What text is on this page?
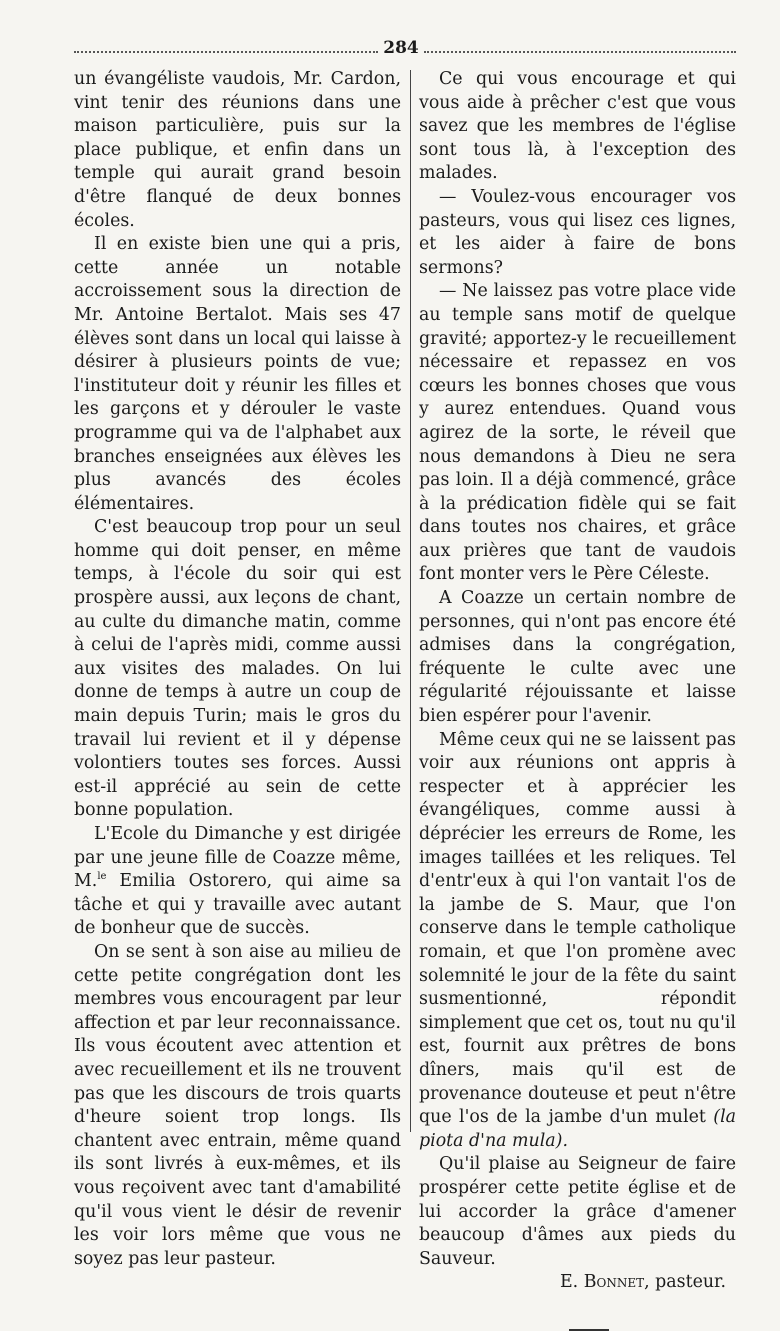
284

un évangéliste vaudois, Mr. Cardon, vint tenir des réunions dans une maison particulière, puis sur la place publique, et enfin dans un temple qui aurait grand besoin d'être flanqué de deux bonnes écoles.

Il en existe bien une qui a pris, cette année un notable accroissement sous la direction de Mr. Antoine Bertalot. Mais ses 47 élèves sont dans un local qui laisse à désirer à plusieurs points de vue; l'instituteur doit y réunir les filles et les garçons et y dérouler le vaste programme qui va de l'alphabet aux branches enseignées aux élèves les plus avancés des écoles élémentaires.

C'est beaucoup trop pour un seul homme qui doit penser, en même temps, à l'école du soir qui est prospère aussi, aux leçons de chant, au culte du dimanche matin, comme à celui de l'après midi, comme aussi aux visites des malades. On lui donne de temps à autre un coup de main depuis Turin; mais le gros du travail lui revient et il y dépense volontiers toutes ses forces. Aussi est-il apprécié au sein de cette bonne population.

L'Ecole du Dimanche y est dirigée par une jeune fille de Coazze même, M.$^{le}$ Emilia Ostorero, qui aime sa tâche et qui y travaille avec autant de bonheur que de succès.

On se sent à son aise au milieu de cette petite congrégation dont les membres vous encouragent par leur affection et par leur reconnaissance. Ils vous écoutent avec attention et avec recueillement et ils ne trouvent pas que les discours de trois quarts d'heure soient trop longs. Ils chantent avec entrain, même quand ils sont livrés à eux-mêmes, et ils vous reçoivent avec tant d'amabilité qu'il vous vient le désir de revenir les voir lors même que vous ne soyez pas leur pasteur.

Ce qui vous encourage et qui vous aide à prêcher c'est que vous savez que les membres de l'église sont tous là, à l'exception des malades.

— Voulez-vous encourager vos pasteurs, vous qui lisez ces lignes, et les aider à faire de bons sermons?

— Ne laissez pas votre place vide au temple sans motif de quelque gravité; apportez-y le recueillement nécessaire et repassez en vos cœurs les bonnes choses que vous y aurez entendues. Quand vous agirez de la sorte, le réveil que nous demandons à Dieu ne sera pas loin. Il a déjà commencé, grâce à la prédication fidèle qui se fait dans toutes nos chaires, et grâce aux prières que tant de vaudois font monter vers le Père Céleste.

A Coazze un certain nombre de personnes, qui n'ont pas encore été admises dans la congrégation, fréquente le culte avec une régularité réjouissante et laisse bien espérer pour l'avenir.

Même ceux qui ne se laissent pas voir aux réunions ont appris à respecter et à apprécier les évangéliques, comme aussi à déprécier les erreurs de Rome, les images taillées et les reliques. Tel d'entr'eux à qui l'on vantait l'os de la jambe de S. Maur, que l'on conserve dans le temple catholique romain, et que l'on promène avec solemnité le jour de la fête du saint susmentionné, répondit simplement que cet os, tout nu qu'il est, fournit aux prêtres de bons dîners, mais qu'il est de provenance douteuse et peut n'être que l'os de la jambe d'un mulet (la piota d'na mula).

Qu'il plaise au Seigneur de faire prospérer cette petite église et de lui accorder la grâce d'amener beaucoup d'âmes aux pieds du Sauveur.

E. Bonnet, pasteur.
